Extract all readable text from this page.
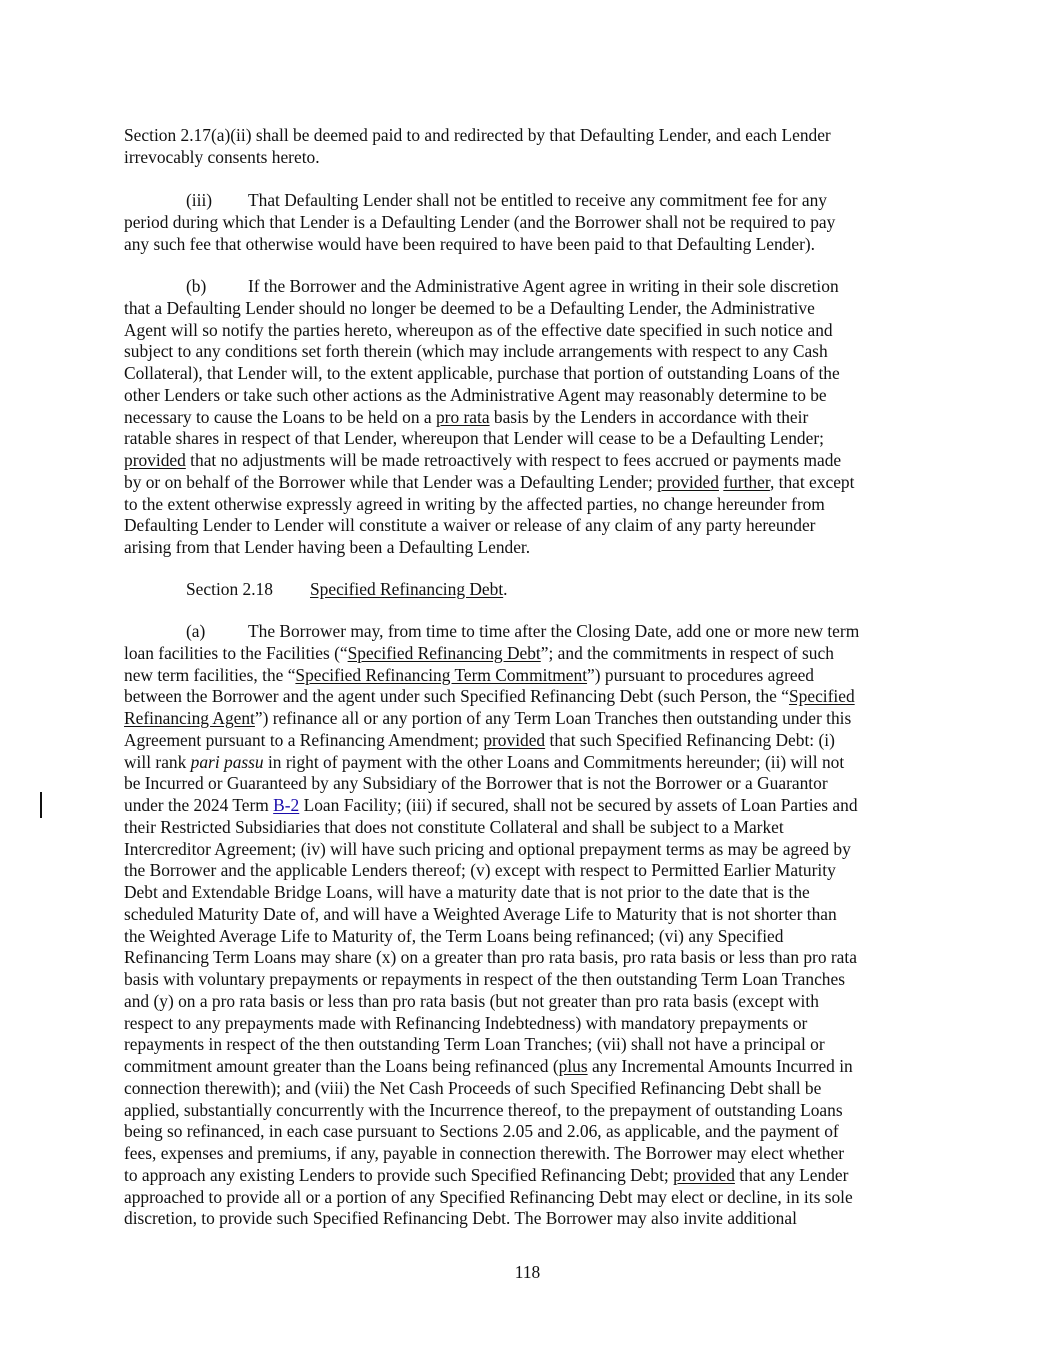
Section 2.17(a)(ii) shall be deemed paid to and redirected by that Defaulting Lender, and each Lender
irrevocably consents hereto.
(iii) That Defaulting Lender shall not be entitled to receive any commitment fee for any
period during which that Lender is a Defaulting Lender (and the Borrower shall not be required to pay
any such fee that otherwise would have been required to have been paid to that Defaulting Lender).
(b) If the Borrower and the Administrative Agent agree in writing in their sole discretion
that a Defaulting Lender should no longer be deemed to be a Defaulting Lender, the Administrative
Agent will so notify the parties hereto, whereupon as of the effective date specified in such notice and
subject to any conditions set forth therein (which may include arrangements with respect to any Cash
Collateral), that Lender will, to the extent applicable, purchase that portion of outstanding Loans of the
other Lenders or take such other actions as the Administrative Agent may reasonably determine to be
necessary to cause the Loans to be held on a pro rata basis by the Lenders in accordance with their
ratable shares in respect of that Lender, whereupon that Lender will cease to be a Defaulting Lender;
provided that no adjustments will be made retroactively with respect to fees accrued or payments made
by or on behalf of the Borrower while that Lender was a Defaulting Lender; provided further, that except
to the extent otherwise expressly agreed in writing by the affected parties, no change hereunder from
Defaulting Lender to Lender will constitute a waiver or release of any claim of any party hereunder
arising from that Lender having been a Defaulting Lender.
Section 2.18 Specified Refinancing Debt.
(a) The Borrower may, from time to time after the Closing Date, add one or more new term
loan facilities to the Facilities (“Specified Refinancing Debt”; and the commitments in respect of such
new term facilities, the “Specified Refinancing Term Commitment”) pursuant to procedures agreed
between the Borrower and the agent under such Specified Refinancing Debt (such Person, the “Specified
Refinancing Agent”) refinance all or any portion of any Term Loan Tranches then outstanding under this
Agreement pursuant to a Refinancing Amendment; provided that such Specified Refinancing Debt: (i)
will rank pari passu in right of payment with the other Loans and Commitments hereunder; (ii) will not
be Incurred or Guaranteed by any Subsidiary of the Borrower that is not the Borrower or a Guarantor
under the 2024 Term B-2 Loan Facility; (iii) if secured, shall not be secured by assets of Loan Parties and
their Restricted Subsidiaries that does not constitute Collateral and shall be subject to a Market
Intercreditor Agreement; (iv) will have such pricing and optional prepayment terms as may be agreed by
the Borrower and the applicable Lenders thereof; (v) except with respect to Permitted Earlier Maturity
Debt and Extendable Bridge Loans, will have a maturity date that is not prior to the date that is the
scheduled Maturity Date of, and will have a Weighted Average Life to Maturity that is not shorter than
the Weighted Average Life to Maturity of, the Term Loans being refinanced; (vi) any Specified
Refinancing Term Loans may share (x) on a greater than pro rata basis, pro rata basis or less than pro rata
basis with voluntary prepayments or repayments in respect of the then outstanding Term Loan Tranches
and (y) on a pro rata basis or less than pro rata basis (but not greater than pro rata basis (except with
respect to any prepayments made with Refinancing Indebtedness) with mandatory prepayments or
repayments in respect of the then outstanding Term Loan Tranches; (vii) shall not have a principal or
commitment amount greater than the Loans being refinanced (plus any Incremental Amounts Incurred in
connection therewith); and (viii) the Net Cash Proceeds of such Specified Refinancing Debt shall be
applied, substantially concurrently with the Incurrence thereof, to the prepayment of outstanding Loans
being so refinanced, in each case pursuant to Sections 2.05 and 2.06, as applicable, and the payment of
fees, expenses and premiums, if any, payable in connection therewith. The Borrower may elect whether
to approach any existing Lenders to provide such Specified Refinancing Debt; provided that any Lender
approached to provide all or a portion of any Specified Refinancing Debt may elect or decline, in its sole
discretion, to provide such Specified Refinancing Debt. The Borrower may also invite additional
118
